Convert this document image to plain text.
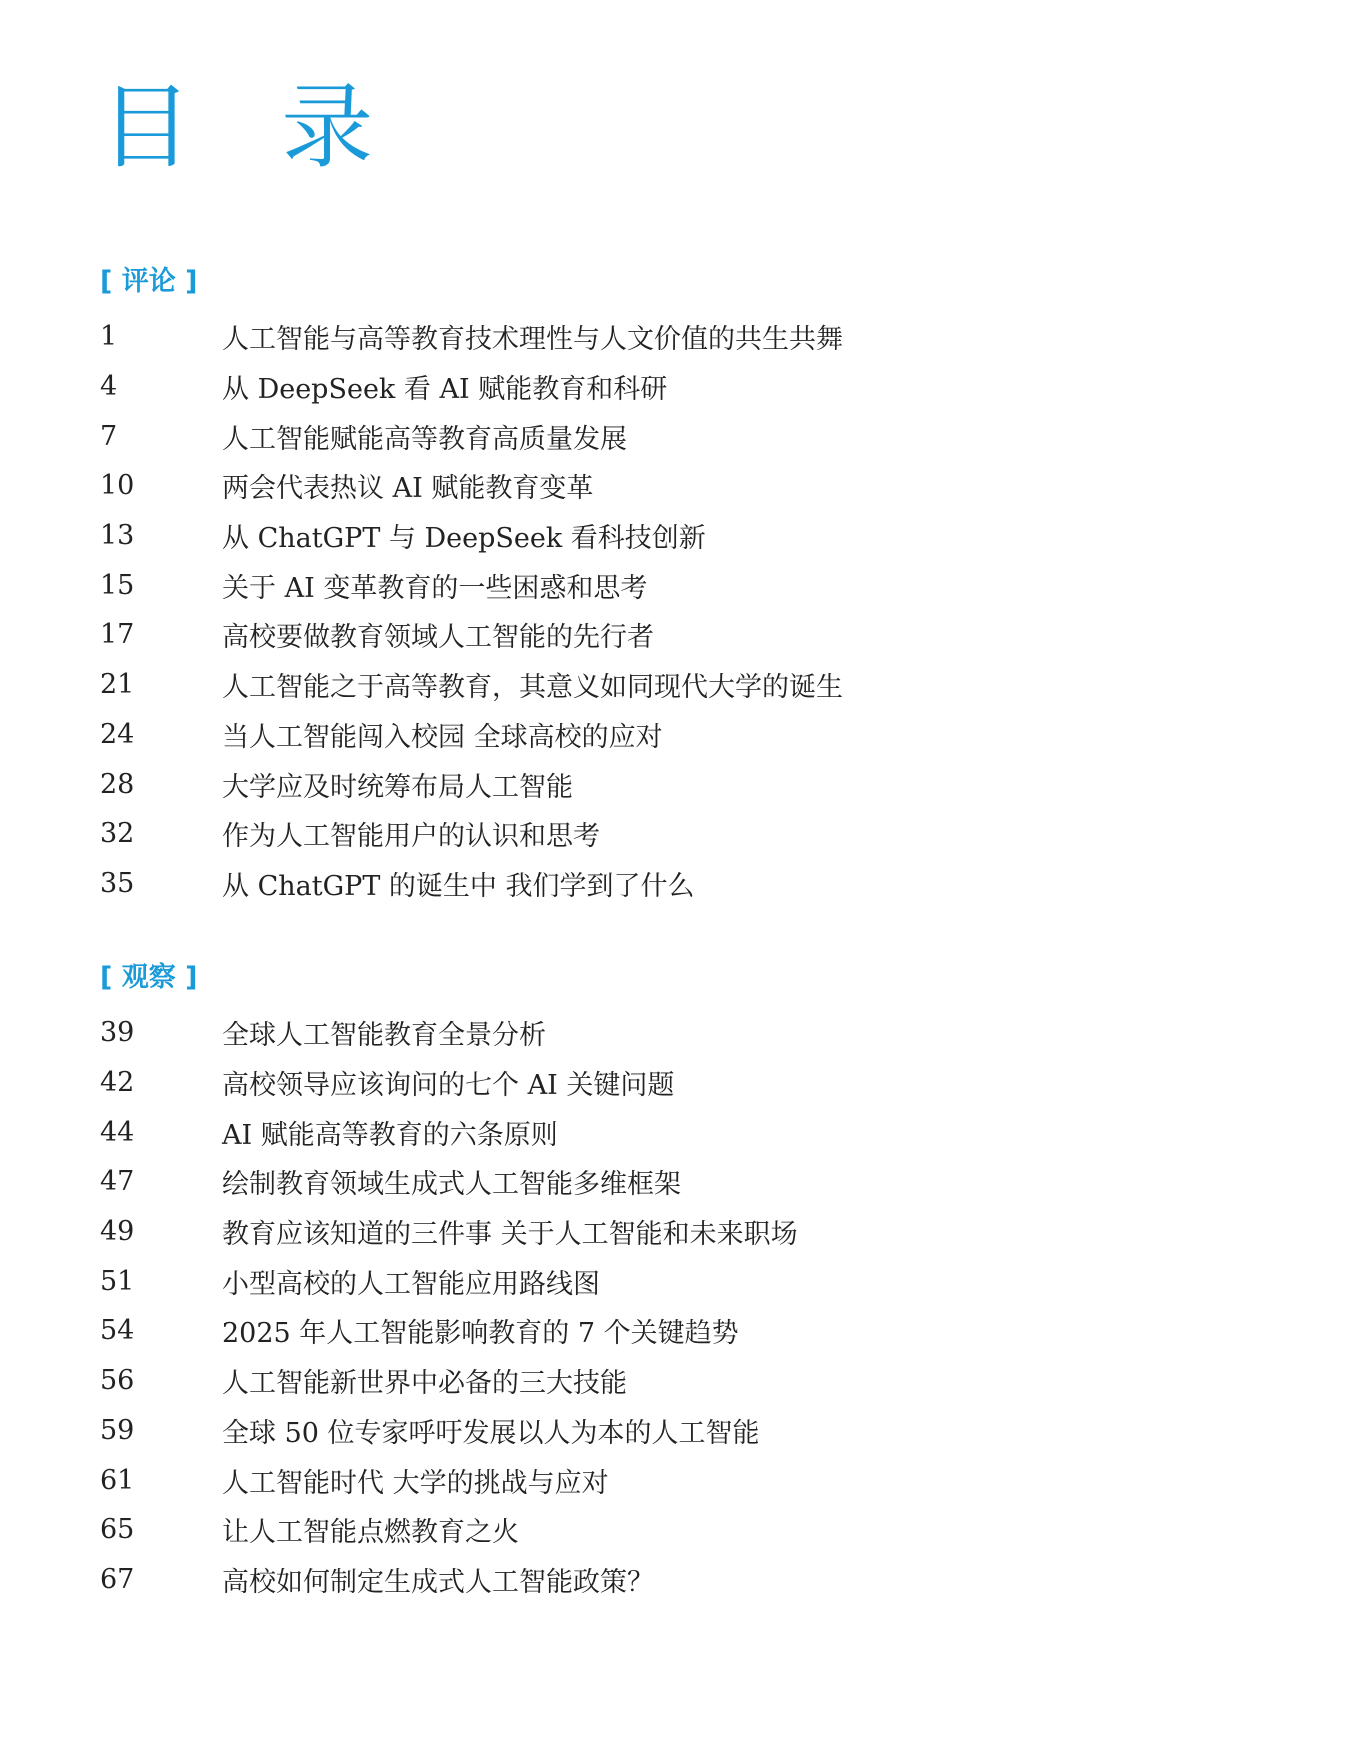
目 录
[ 评论 ]
1	人工智能与高等教育技术理性与人文价值的共生共舞
4	从 DeepSeek 看 AI 赋能教育和科研
7	人工智能赋能高等教育高质量发展
10	两会代表热议 AI 赋能教育变革
13	从 ChatGPT 与 DeepSeek 看科技创新
15	关于 AI 变革教育的一些困惑和思考
17	高校要做教育领域人工智能的先行者
21	人工智能之于高等教育，其意义如同现代大学的诞生
24	当人工智能闯入校园 全球高校的应对
28	大学应及时统筹布局人工智能
32	作为人工智能用户的认识和思考
35	从 ChatGPT 的诞生中 我们学到了什么
[ 观察 ]
39	全球人工智能教育全景分析
42	高校领导应该询问的七个 AI 关键问题
44	AI 赋能高等教育的六条原则
47	绘制教育领域生成式人工智能多维框架
49	教育应该知道的三件事 关于人工智能和未来职场
51	小型高校的人工智能应用路线图
54	2025 年人工智能影响教育的 7 个关键趋势
56	人工智能新世界中必备的三大技能
59	全球 50 位专家呼吁发展以人为本的人工智能
61	人工智能时代 大学的挑战与应对
65	让人工智能点燃教育之火
67	高校如何制定生成式人工智能政策？
